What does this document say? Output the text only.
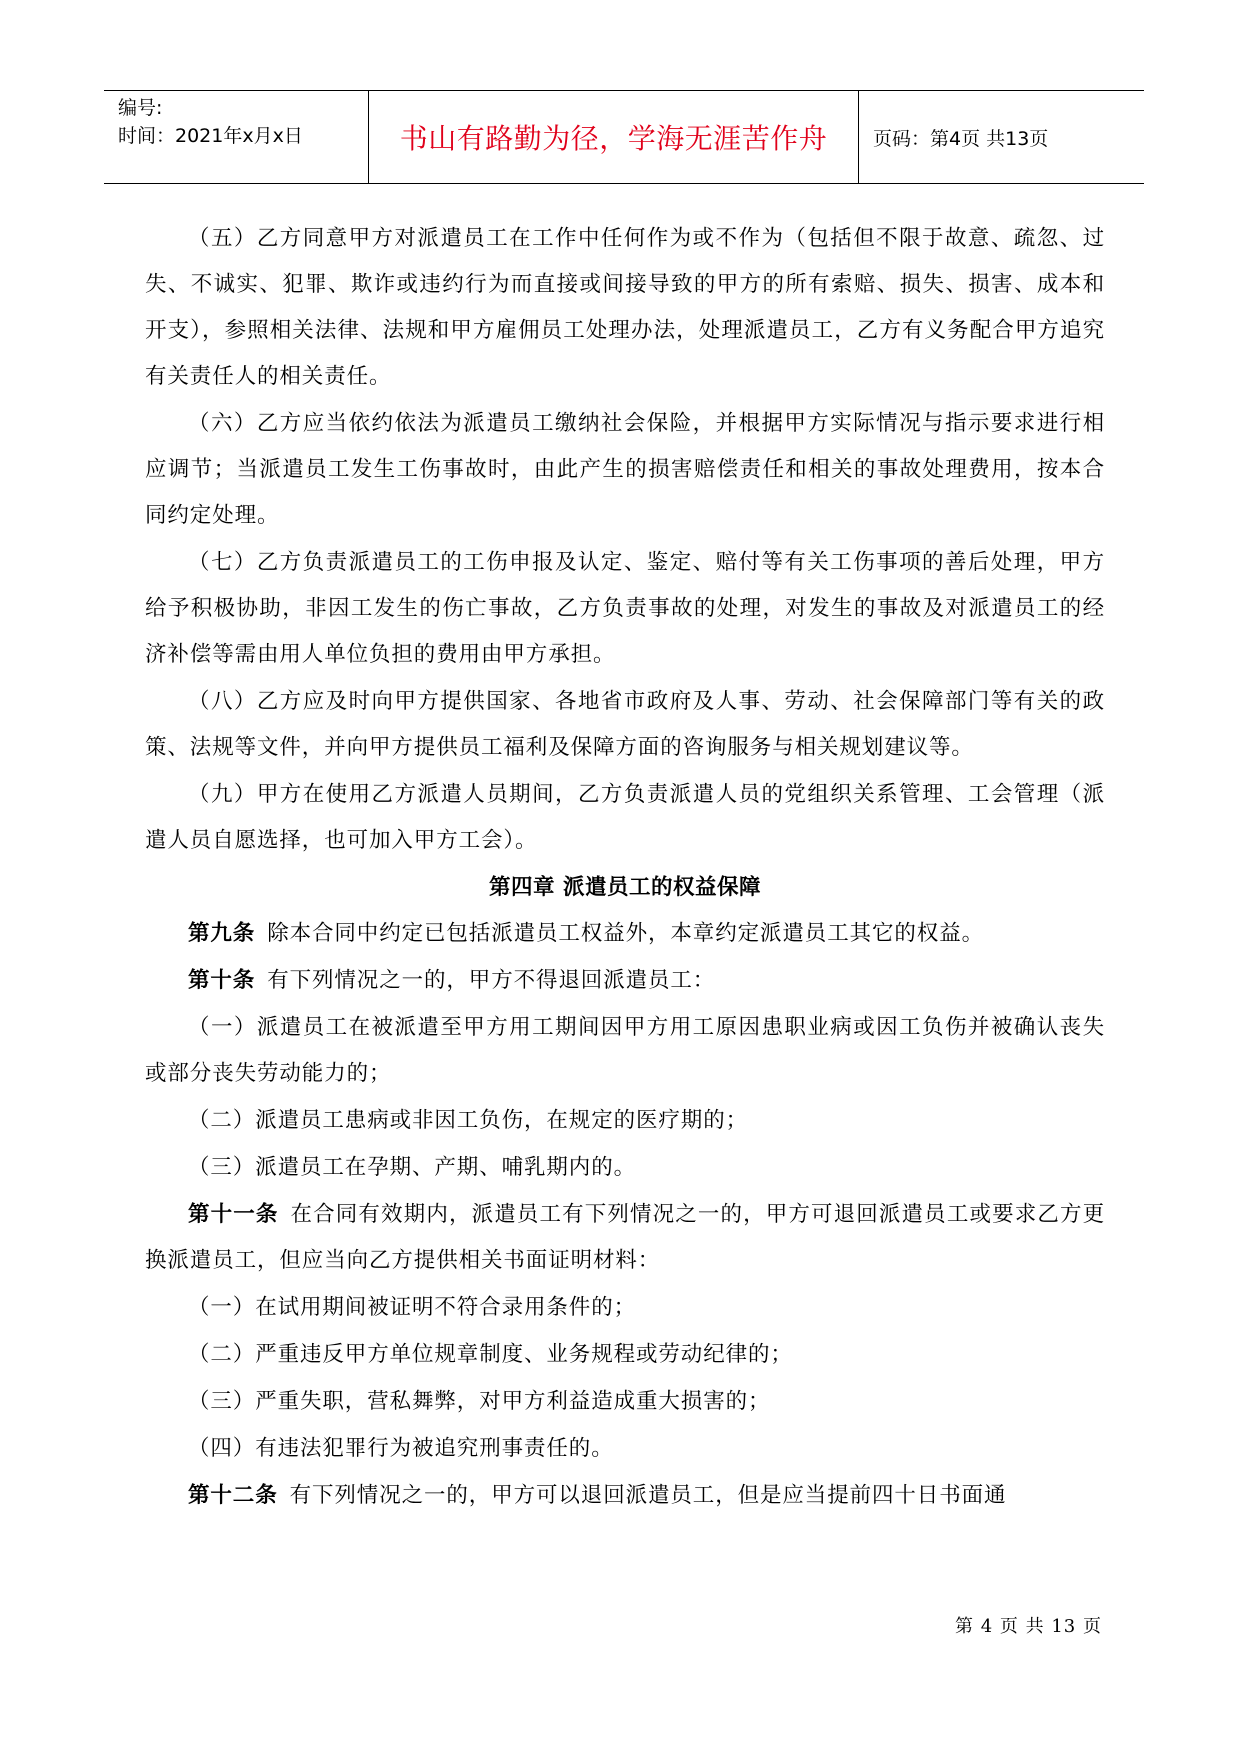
编号:
时间：2021年x月x日	书山有路勤为径，学海无涯苦作舟 页码：第4页 共13页

（五）乙方同意甲方对派遣员工在工作中任何作为或不作为（包括但不限于故意、疏忽、过失、不诚实、犯罪、欺诈或违约行为而直接或间接导致的甲方的所有索赔、损失、损害、成本和开支），参照相关法律、法规和甲方雇佣员工处理办法，处理派遣员工，乙方有义务配合甲方追究有关责任人的相关责任。

（六）乙方应当依约依法为派遣员工缴纳社会保险，并根据甲方实际情况与指示要求进行相应调节；当派遣员工发生工伤事故时，由此产生的损害赔偿责任和相关的事故处理费用，按本合同约定处理。

（七）乙方负责派遣员工的工伤申报及认定、鉴定、赔付等有关工伤事项的善后处理，甲方给予积极协助，非因工发生的伤亡事故，乙方负责事故的处理，对发生的事故及对派遣员工的经济补偿等需由用人单位负担的费用由甲方承担。

（八）乙方应及时向甲方提供国家、各地省市政府及人事、劳动、社会保障部门等有关的政策、法规等文件，并向甲方提供员工福利及保障方面的咨询服务与相关规划建议等。

（九）甲方在使用乙方派遣人员期间，乙方负责派遣人员的党组织关系管理、工会管理（派遣人员自愿选择，也可加入甲方工会）。

第四章 派遣员工的权益保障

第九条 除本合同中约定已包括派遣员工权益外，本章约定派遣员工其它的权益。

第十条 有下列情况之一的，甲方不得退回派遣员工：

（一）派遣员工在被派遣至甲方用工期间因甲方用工原因患职业病或因工负伤并被确认丧失或部分丧失劳动能力的；

（二）派遣员工患病或非因工负伤，在规定的医疗期的；

（三）派遣员工在孕期、产期、哺乳期内的。

第十一条 在合同有效期内，派遣员工有下列情况之一的，甲方可退回派遣员工或要求乙方更换派遣员工，但应当向乙方提供相关书面证明材料：

（一）在试用期间被证明不符合录用条件的；

（二）严重违反甲方单位规章制度、业务规程或劳动纪律的；

（三）严重失职，营私舞弊，对甲方利益造成重大损害的；

（四）有违法犯罪行为被追究刑事责任的。

第十二条 有下列情况之一的，甲方可以退回派遣员工，但是应当提前四十日书面通

第 4 页 共 13 页
